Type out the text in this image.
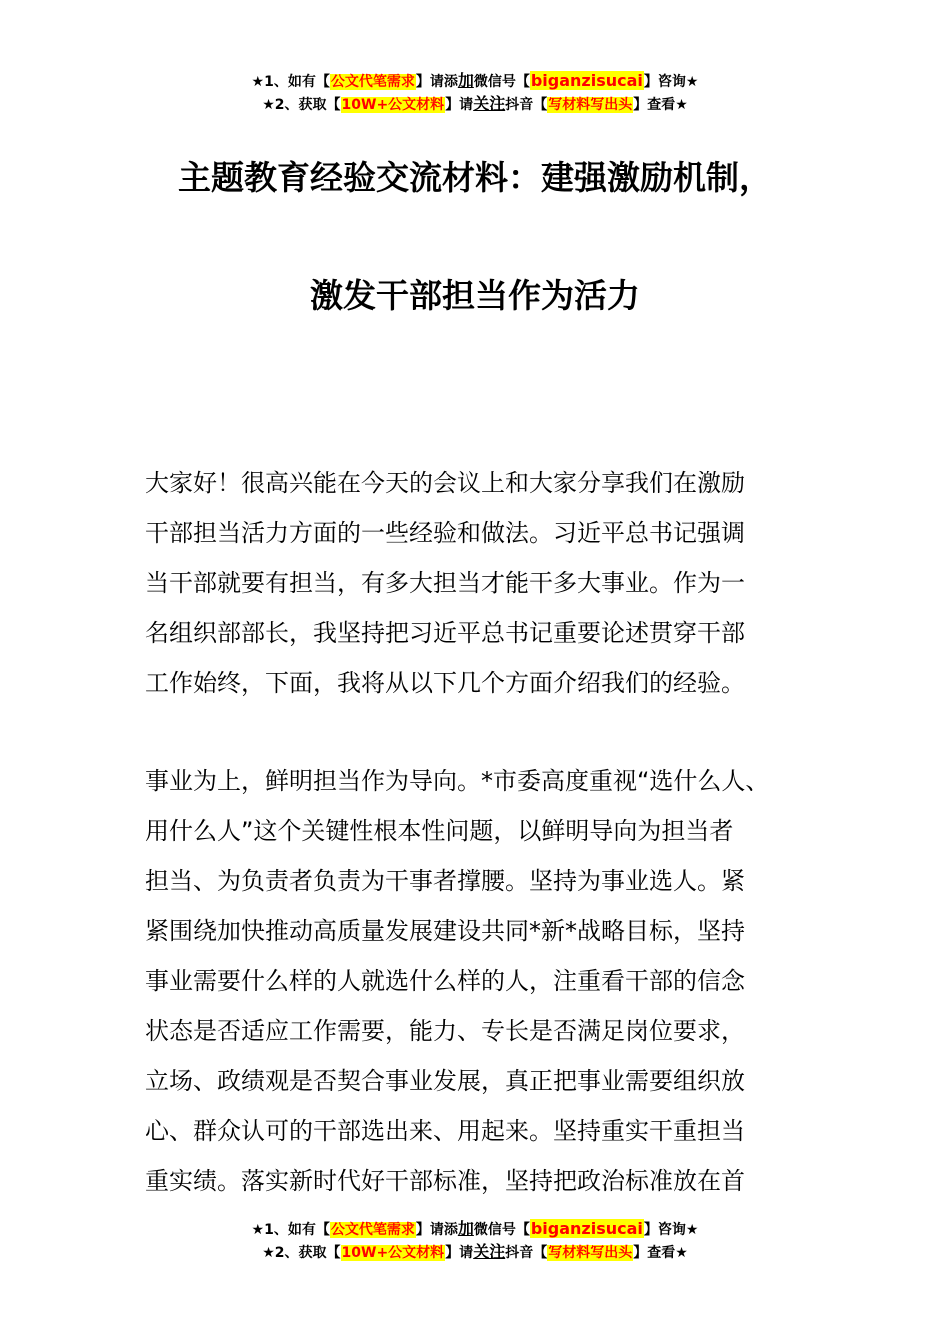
★1、如有【公文代笔需求】请添加微信号【biganzisucai】咨询★
★2、获取【10W+公文材料】请关注抖音【写材料写出头】查看★
主题教育经验交流材料：建强激励机制，
激发干部担当作为活力
大家好！很高兴能在今天的会议上和大家分享我们在激励
干部担当活力方面的一些经验和做法。习近平总书记强调
当干部就要有担当，有多大担当才能干多大事业。作为一
名组织部部长，我坚持把习近平总书记重要论述贯穿干部
工作始终，下面，我将从以下几个方面介绍我们的经验。
事业为上，鲜明担当作为导向。*市委高度重视“选什么人、
用什么人”这个关键性根本性问题，以鲜明导向为担当者
担当、为负责者负责为干事者撑腰。坚持为事业选人。紧
紧围绕加快推动高质量发展建设共同*新*战略目标，坚持
事业需要什么样的人就选什么样的人，注重看干部的信念
状态是否适应工作需要，能力、专长是否满足岗位要求，
立场、政绩观是否契合事业发展，真正把事业需要组织放
心、群众认可的干部选出来、用起来。坚持重实干重担当
重实绩。落实新时代好干部标准，坚持把政治标准放在首
★1、如有【公文代笔需求】请添加微信号【biganzisucai】咨询★
★2、获取【10W+公文材料】请关注抖音【写材料写出头】查看★
